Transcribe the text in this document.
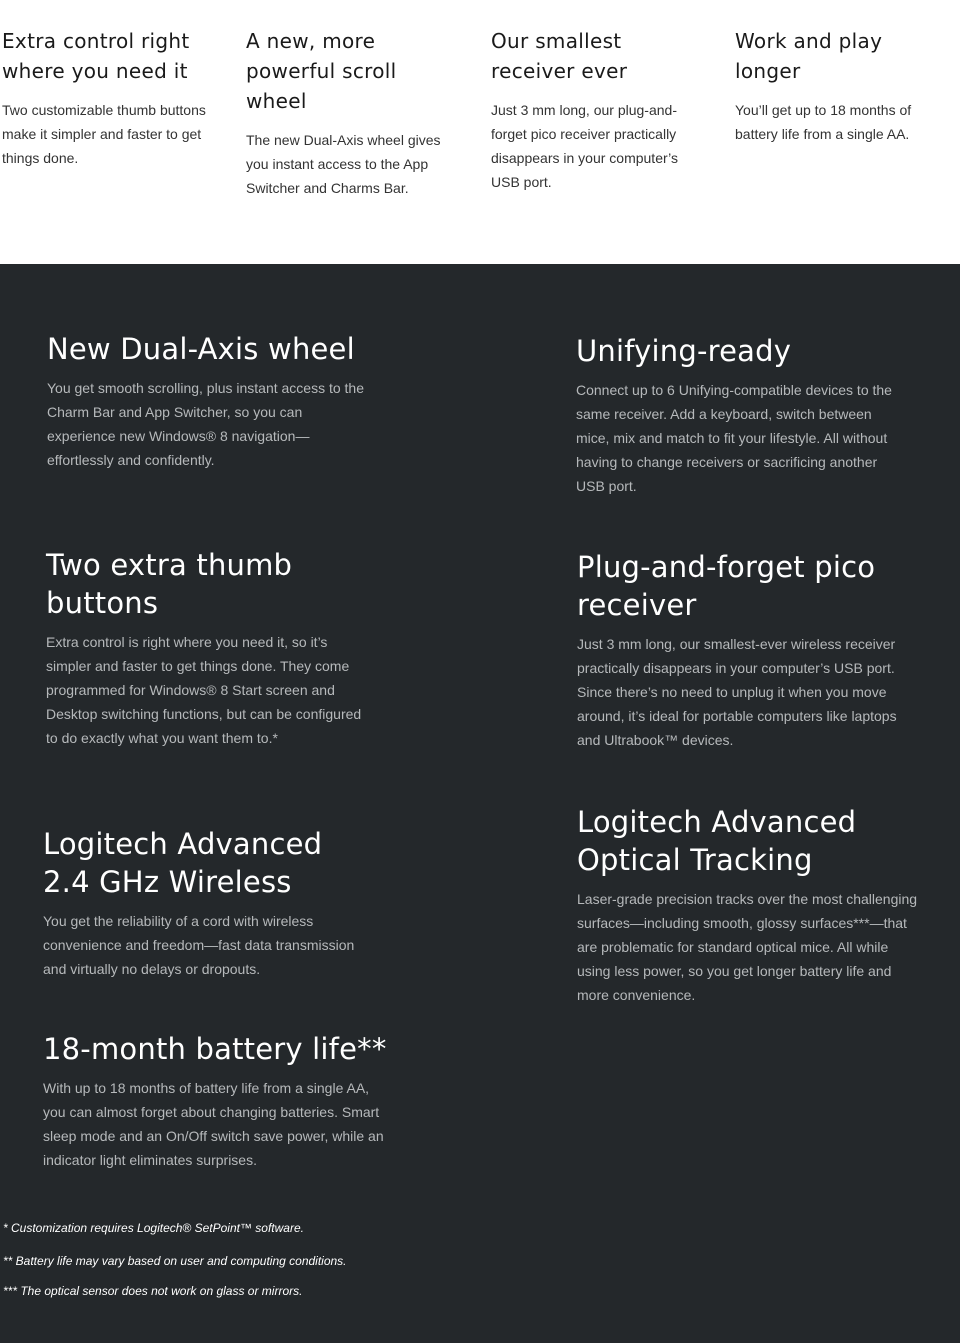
Extra control right where you need it

Two customizable thumb buttons make it simpler and faster to get things done.

A new, more powerful scroll wheel

The new Dual-Axis wheel gives you instant access to the App Switcher and Charms Bar.

Our smallest receiver ever

Just 3 mm long, our plug-and-forget pico receiver practically disappears in your computer’s USB port.

Work and play longer

You’ll get up to 18 months of battery life from a single AA.

New Dual-Axis wheel

You get smooth scrolling, plus instant access to the Charm Bar and App Switcher, so you can experience new Windows® 8 navigation—effortlessly and confidently.

Unifying-ready

Connect up to 6 Unifying-compatible devices to the same receiver. Add a keyboard, switch between mice, mix and match to fit your lifestyle. All without having to change receivers or sacrificing another USB port.

Two extra thumb buttons

Extra control is right where you need it, so it’s simpler and faster to get things done. They come programmed for Windows® 8 Start screen and Desktop switching functions, but can be configured to do exactly what you want them to.*

Plug-and-forget pico receiver

Just 3 mm long, our smallest-ever wireless receiver practically disappears in your computer’s USB port. Since there’s no need to unplug it when you move around, it’s ideal for portable computers like laptops and Ultrabook™ devices.

Logitech Advanced 2.4 GHz Wireless

You get the reliability of a cord with wireless convenience and freedom—fast data transmission and virtually no delays or dropouts.

Logitech Advanced Optical Tracking

Laser-grade precision tracks over the most challenging surfaces—including smooth, glossy surfaces***—that are problematic for standard optical mice. All while using less power, so you get longer battery life and more convenience.

18-month battery life**

With up to 18 months of battery life from a single AA, you can almost forget about changing batteries. Smart sleep mode and an On/Off switch save power, while an indicator light eliminates surprises.

* Customization requires Logitech® SetPoint™ software.
** Battery life may vary based on user and computing conditions.
*** The optical sensor does not work on glass or mirrors.
